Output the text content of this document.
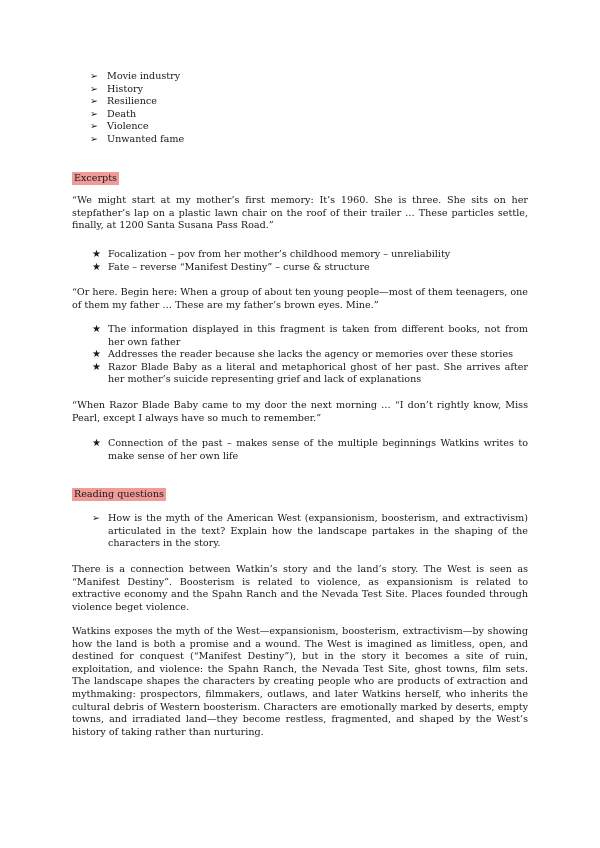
➢ Movie industry
➢ History
➢ Resilience
➢ Death
➢ Violence
➢ Unwanted fame
Excerpts

“We might start at my mother’s first memory: It’s 1960. She is three. She sits on her stepfather’s lap on a plastic lawn chair on the roof of their trailer … These particles settle, finally, at 1200 Santa Susana Pass Road.”

★ Focalization – pov from her mother’s childhood memory – unreliability
★ Fate – reverse “Manifest Destiny” – curse & structure

“Or here. Begin here: When a group of about ten young people—most of them teenagers, one of them my father … These are my father’s brown eyes. Mine.”

★ The information displayed in this fragment is taken from different books, not from her own father
★ Addresses the reader because she lacks the agency or memories over these stories
★ Razor Blade Baby as a literal and metaphorical ghost of her past. She arrives after her mother’s suicide representing grief and lack of explanations

“When Razor Blade Baby came to my door the next morning … “I don’t rightly know, Miss Pearl, except I always have so much to remember.”

★ Connection of the past – makes sense of the multiple beginnings Watkins writes to make sense of her own life
Reading questions
➢ How is the myth of the American West (expansionism, boosterism, and extractivism) articulated in the text? Explain how the landscape partakes in the shaping of the characters in the story.

There is a connection between Watkin’s story and the land’s story. The West is seen as “Manifest Destiny”. Boosterism is related to violence, as expansionism is related to extractive economy and the Spahn Ranch and the Nevada Test Site. Places founded through violence beget violence.

Watkins exposes the myth of the West—expansionism, boosterism, extractivism—by showing how the land is both a promise and a wound. The West is imagined as limitless, open, and destined for conquest (“Manifest Destiny”), but in the story it becomes a site of ruin, exploitation, and violence: the Spahn Ranch, the Nevada Test Site, ghost towns, film sets. The landscape shapes the characters by creating people who are products of extraction and mythmaking: prospectors, filmmakers, outlaws, and later Watkins herself, who inherits the cultural debris of Western boosterism. Characters are emotionally marked by deserts, empty towns, and irradiated land—they become restless, fragmented, and shaped by the West’s history of taking rather than nurturing.
